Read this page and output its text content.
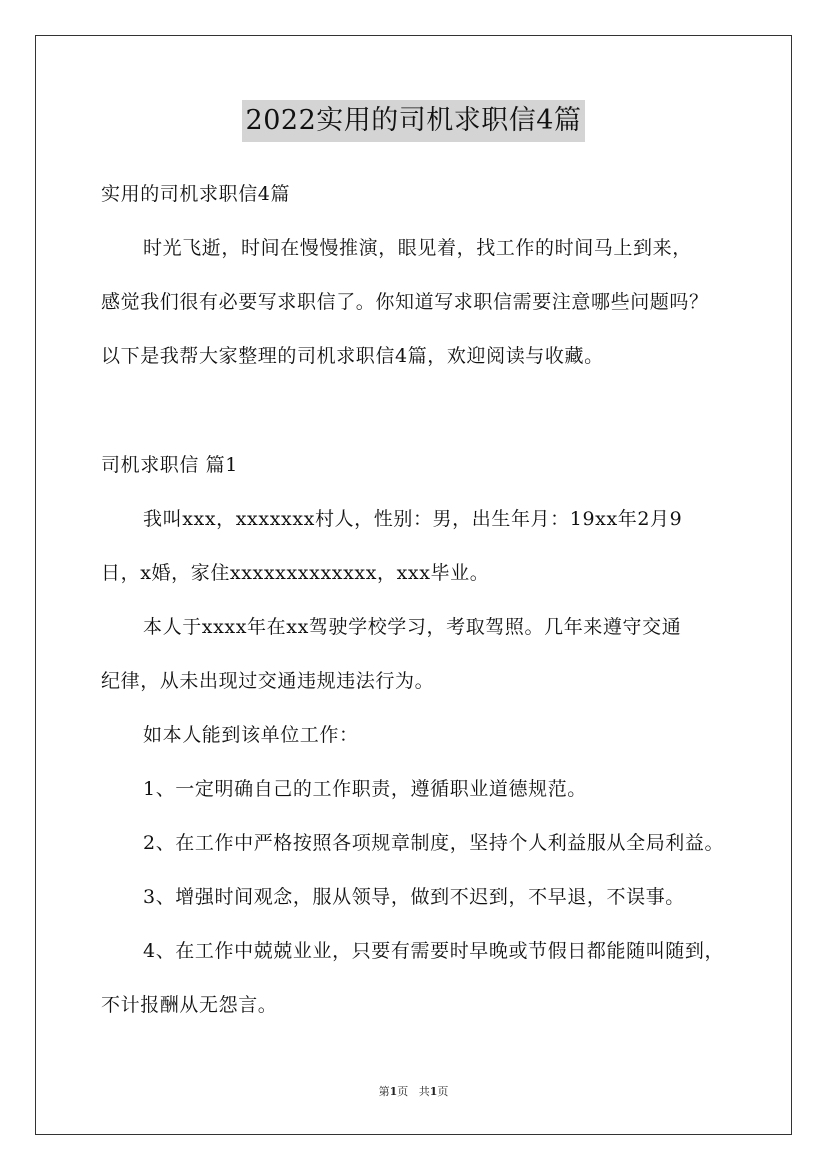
2022实用的司机求职信4篇
实用的司机求职信4篇
时光飞逝，时间在慢慢推演，眼见着，找工作的时间马上到来，
感觉我们很有必要写求职信了。你知道写求职信需要注意哪些问题吗？
以下是我帮大家整理的司机求职信4篇，欢迎阅读与收藏。
司机求职信 篇1
我叫xxx，xxxxxxx村人，性别：男，出生年月：19xx年2月9
日，x婚，家住xxxxxxxxxxxxx，xxx毕业。
本人于xxxx年在xx驾驶学校学习，考取驾照。几年来遵守交通
纪律，从未出现过交通违规违法行为。
如本人能到该单位工作：
1、一定明确自己的工作职责，遵循职业道德规范。
2、在工作中严格按照各项规章制度，坚持个人利益服从全局利益。
3、增强时间观念，服从领导，做到不迟到，不早退，不误事。
4、在工作中兢兢业业，只要有需要时早晚或节假日都能随叫随到，
不计报酬从无怨言。
第1页 共1页
